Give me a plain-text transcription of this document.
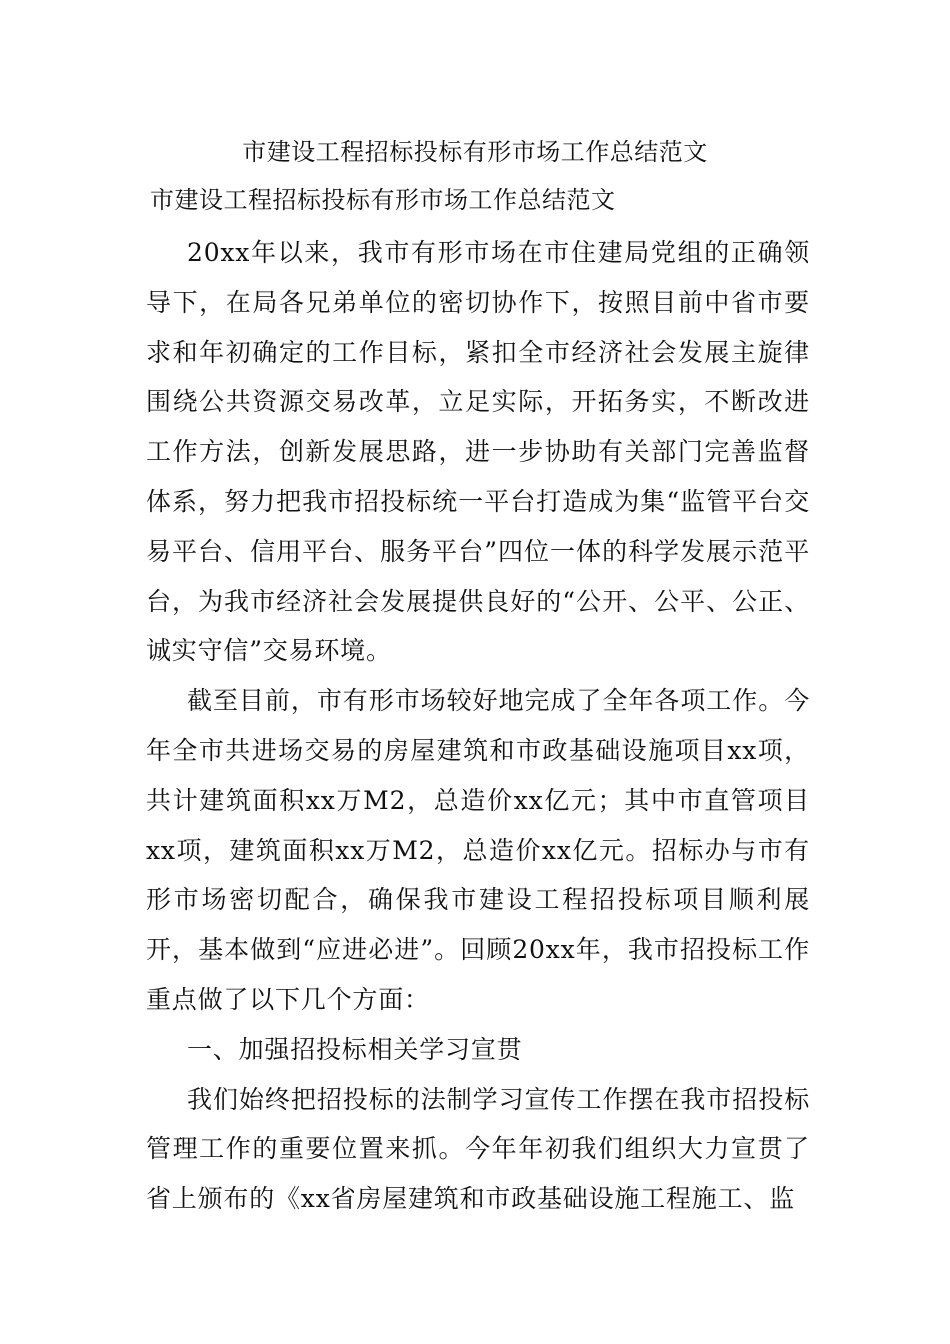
市建设工程招标投标有形市场工作总结范文
市建设工程招标投标有形市场工作总结范文

20xx年以来，我市有形市场在市住建局党组的正确领导下，在局各兄弟单位的密切协作下，按照目前中省市要求和年初确定的工作目标，紧扣全市经济社会发展主旋律围绕公共资源交易改革，立足实际，开拓务实，不断改进工作方法，创新发展思路，进一步协助有关部门完善监督体系，努力把我市招投标统一平台打造成为集“监管平台交易平台、信用平台、服务平台”四位一体的科学发展示范平台，为我市经济社会发展提供良好的“公开、公平、公正、诚实守信”交易环境。

截至目前，市有形市场较好地完成了全年各项工作。今年全市共进场交易的房屋建筑和市政基础设施项目xx项，共计建筑面积xx万M2，总造价xx亿元；其中市直管项目xx项，建筑面积xx万M2，总造价xx亿元。招标办与市有形市场密切配合，确保我市建设工程招投标项目顺利展开，基本做到“应进必进”。回顾20xx年，我市招投标工作重点做了以下几个方面：

一、加强招投标相关学习宣贯

我们始终把招投标的法制学习宣传工作摆在我市招投标管理工作的重要位置来抓。今年年初我们组织大力宣贯了省上颁布的《xx省房屋建筑和市政基础设施工程施工、监
